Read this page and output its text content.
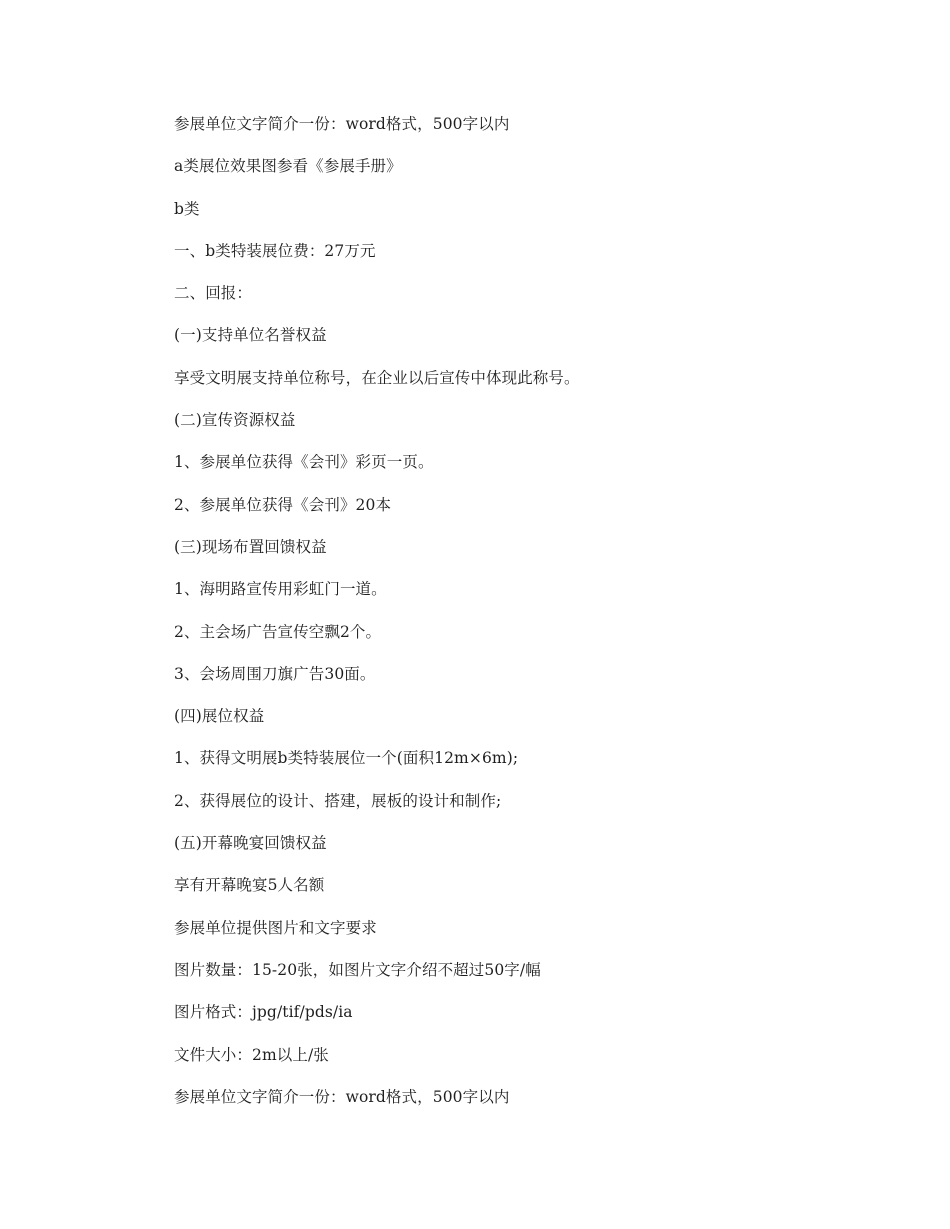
参展单位文字简介一份：word格式，500字以内
a类展位效果图参看《参展手册》
b类
一、b类特装展位费：27万元
二、回报：
(一)支持单位名誉权益
享受文明展支持单位称号，在企业以后宣传中体现此称号。
(二)宣传资源权益
1、参展单位获得《会刊》彩页一页。
2、参展单位获得《会刊》20本
(三)现场布置回馈权益
1、海明路宣传用彩虹门一道。
2、主会场广告宣传空飘2个。
3、会场周围刀旗广告30面。
(四)展位权益
1、获得文明展b类特装展位一个(面积12m×6m);
2、获得展位的设计、搭建，展板的设计和制作;
(五)开幕晚宴回馈权益
享有开幕晚宴5人名额
参展单位提供图片和文字要求
图片数量：15-20张，如图片文字介绍不超过50字/幅
图片格式：jpg/tif/pds/ia
文件大小：2m以上/张
参展单位文字简介一份：word格式，500字以内
